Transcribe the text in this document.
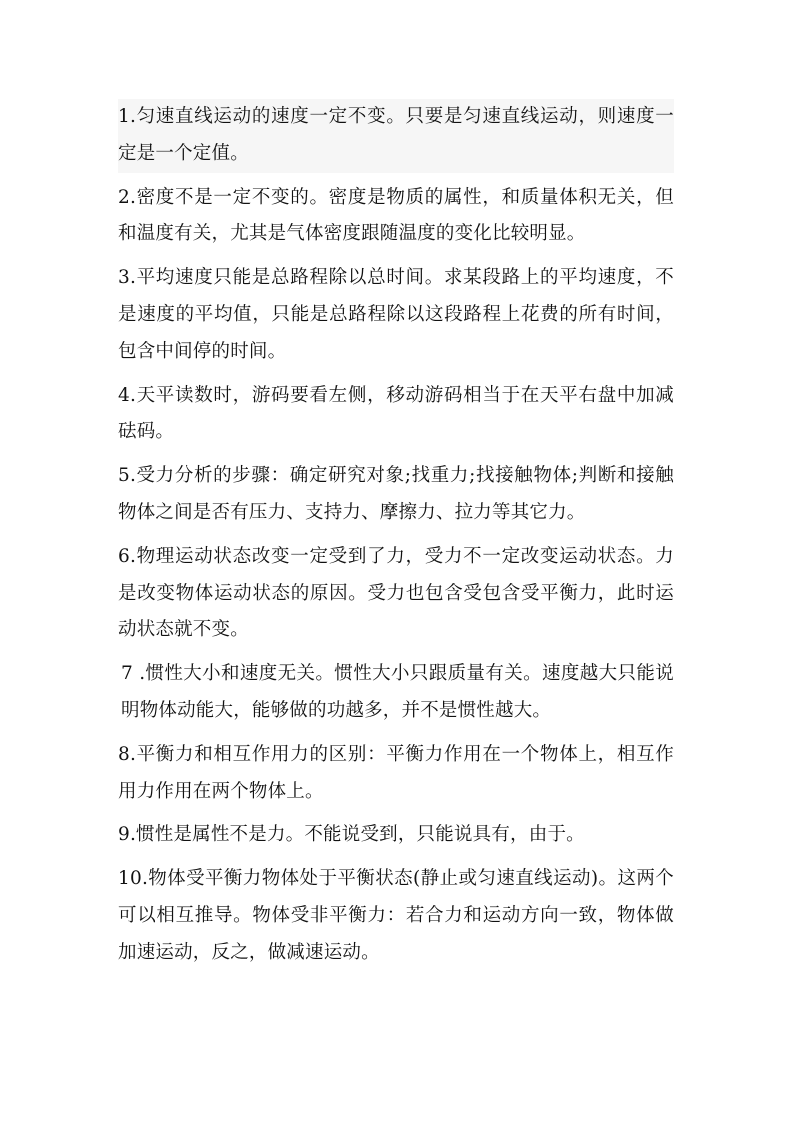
1.匀速直线运动的速度一定不变。只要是匀速直线运动，则速度一定是一个定值。

2.密度不是一定不变的。密度是物质的属性，和质量体积无关，但和温度有关，尤其是气体密度跟随温度的变化比较明显。

3.平均速度只能是总路程除以总时间。求某段路上的平均速度，不是速度的平均值，只能是总路程除以这段路程上花费的所有时间，包含中间停的时间。

4.天平读数时，游码要看左侧，移动游码相当于在天平右盘中加减砝码。

5.受力分析的步骤：确定研究对象;找重力;找接触物体;判断和接触物体之间是否有压力、支持力、摩擦力、拉力等其它力。

6.物理运动状态改变一定受到了力，受力不一定改变运动状态。力是改变物体运动状态的原因。受力也包含受包含受平衡力，此时运动状态就不变。

7 .惯性大小和速度无关。惯性大小只跟质量有关。速度越大只能说明物体动能大，能够做的功越多，并不是惯性越大。

8.平衡力和相互作用力的区别：平衡力作用在一个物体上，相互作用力作用在两个物体上。

9.惯性是属性不是力。不能说受到，只能说具有，由于。

10.物体受平衡力物体处于平衡状态(静止或匀速直线运动)。这两个可以相互推导。物体受非平衡力：若合力和运动方向一致，物体做加速运动，反之，做减速运动。
